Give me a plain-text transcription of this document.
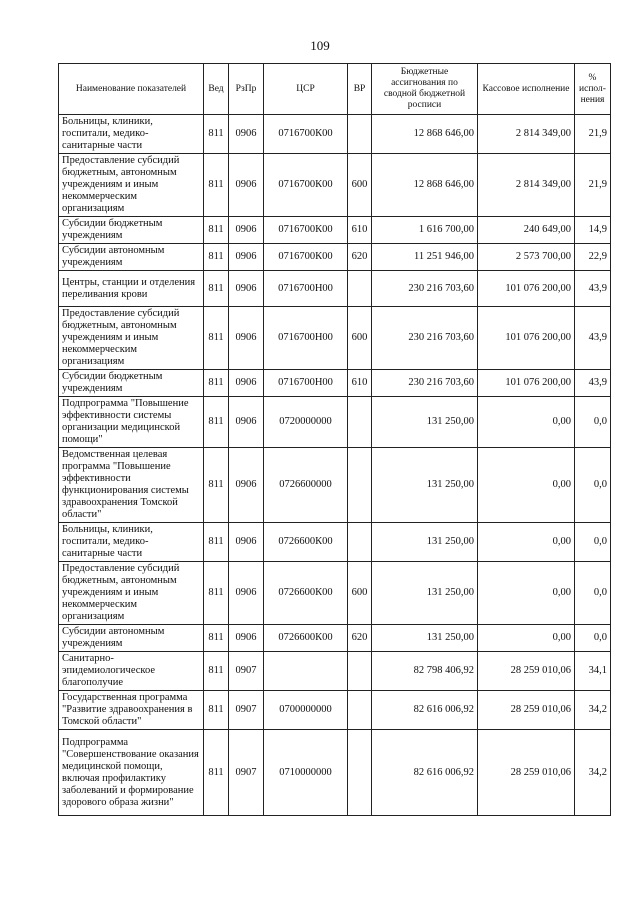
109
Наименование показателей	Вед	РзПр	ЦСР	ВР	Бюджетные ассигнования по сводной бюджетной росписи	Кассовое исполнение	% испол- нения
Больницы, клиники, госпитали, медико-санитарные части	811	0906	0716700К00		12 868 646,00	2 814 349,00	21,9
Предоставление субсидий бюджетным, автономным учреждениям и иным некоммерческим организациям	811	0906	0716700К00	600	12 868 646,00	2 814 349,00	21,9
Субсидии бюджетным учреждениям	811	0906	0716700К00	610	1 616 700,00	240 649,00	14,9
Субсидии автономным учреждениям	811	0906	0716700К00	620	11 251 946,00	2 573 700,00	22,9
Центры, станции и отделения переливания крови	811	0906	0716700Н00		230 216 703,60	101 076 200,00	43,9
Предоставление субсидий бюджетным, автономным учреждениям и иным некоммерческим организациям	811	0906	0716700Н00	600	230 216 703,60	101 076 200,00	43,9
Субсидии бюджетным учреждениям	811	0906	0716700Н00	610	230 216 703,60	101 076 200,00	43,9
Подпрограмма "Повышение эффективности системы организации медицинской помощи"	811	0906	0720000000		131 250,00	0,00	0,0
Ведомственная целевая программа "Повышение эффективности функционирования системы здравоохранения Томской области"	811	0906	0726600000		131 250,00	0,00	0,0
Больницы, клиники, госпитали, медико-санитарные части	811	0906	0726600К00		131 250,00	0,00	0,0
Предоставление субсидий бюджетным, автономным учреждениям и иным некоммерческим организациям	811	0906	0726600К00	600	131 250,00	0,00	0,0
Субсидии автономным учреждениям	811	0906	0726600К00	620	131 250,00	0,00	0,0
Санитарно-эпидемиологическое благополучие	811	0907			82 798 406,92	28 259 010,06	34,1
Государственная программа "Развитие здравоохранения в Томской области"	811	0907	0700000000		82 616 006,92	28 259 010,06	34,2
Подпрограмма "Совершенствование оказания медицинской помощи, включая профилактику заболеваний и формирование здорового образа жизни"	811	0907	0710000000		82 616 006,92	28 259 010,06	34,2
